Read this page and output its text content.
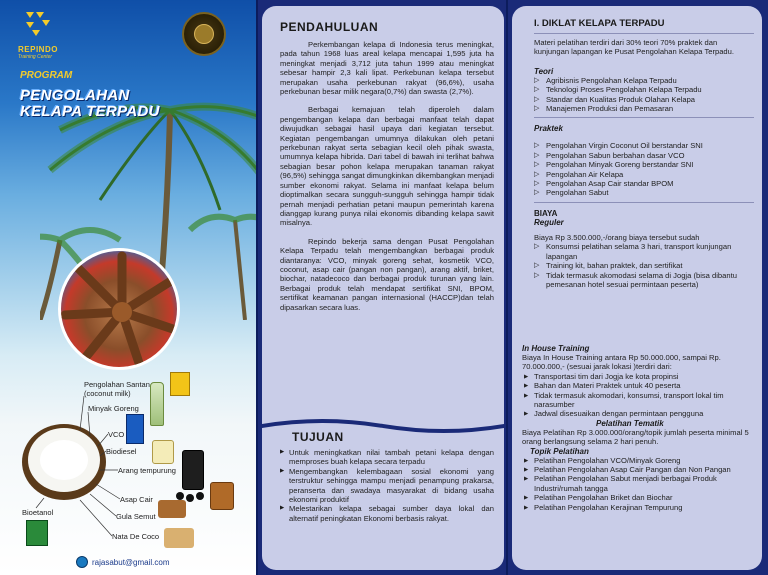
REPINDO
Training Center
PROGRAM
PENGOLAHAN
KELAPA TERPADU
Pengolahan Santan
(coconut milk)
Minyak Goreng
VCO
Biodiesel
Arang tempurung
Asap Cair
Gula Semut
Nata De Coco
Bioetanol
rajasabut@gmail.com
PENDAHULUAN

Perkembangan kelapa di Indonesia terus meningkat, pada tahun 1968 luas areal kelapa mencapai 1,595 juta ha meningkat menjadi 3,712 juta tahun 1999 atau meningkat sebesar hampir 2,3 kali lipat. Perkebunan kelapa tersebut merupakan usaha perkebunan rakyat (96,6%), usaha perkebunan besar milik negara(0,7%) dan swasta (2,7%).

Berbagai kemajuan telah diperoleh dalam pengembangan kelapa dan berbagai manfaat telah dapat diwujudkan sebagai hasil upaya dari kegiatan tersebut. Kegiatan pengembangan umumnya dilakukan oleh petani perkebunan rakyat serta sebagian kecil oleh pihak swasta, umumnya kelapa hibrida. Dari tabel di bawah ini terlihat bahwa sebagian besar pohon kelapa merupakan tanaman rakyat (96,5%) sehingga sangat dimungkinkan dikembangkan menjadi sumber ekonomi rakyat. Selama ini manfaat kelapa belum dioptimalkan secara sungguh-sungguh sehingga hampir tidak pernah menjadi perhatian petani maupun pemerintah karena dianggap kurang punya nilai ekonomis dibanding kelapa sawit misalnya.

Repindo bekerja sama dengan Pusat Pengolahan Kelapa Terpadu telah mengembangkan berbagai produk diantaranya: VCO, minyak goreng sehat, kosmetik VCO, coconut, asap cair (pangan non pangan), arang aktif, briket, biochar, natadecoco dan berbagai produk turunan yang lain. Berbagai produk telah mendapat sertifikat SNI, BPOM, sertifikat keamanan pangan internasional (HACCP)dan telah dipasarkan secara luas.

TUJUAN
▶ Untuk meningkatkan nilai tambah petani kelapa dengan memproses buah kelapa secara terpadu
▶ Mengembangkan kelembagaan sosial ekonomi yang terstruktur sehingga mampu menjadi penampung prakarsa, peranserta dan swadaya masyarakat di bidang usaha ekonomi produktif
▶ Melestarikan kelapa sebagai sumber daya lokal dan alternatif peningkatan Ekonomi berbasis rakyat.
I. DIKLAT KELAPA TERPADU
Materi pelatihan terdiri dari 30% teori 70% praktek dan kunjungan lapangan ke Pusat Pengolahan Kelapa Terpadu.
Teori
▷ Agribisnis Pengolahan Kelapa Terpadu
▷ Teknologi Proses Pengolahan Kelapa Terpadu
▷ Standar dan Kualitas Produk Olahan Kelapa
▷ Manajemen Produksi dan Pemasaran
Praktek
▷ Pengolahan Virgin Coconut Oil berstandar SNI
▷ Pengolahan Sabun berbahan dasar VCO
▷ Pengolahan Minyak Goreng berstandar SNI
▷ Pengolahan Air Kelapa
▷ Pengolahan Asap Cair standar BPOM
▷ Pengolahan Sabut
BIAYA
Reguler
Biaya Rp 3.500.000,-/orang biaya tersebut sudah
▷ Konsumsi pelatihan selama 3 hari, transport kunjungan lapangan
▷ Training kit, bahan praktek, dan sertifikat
▷ Tidak termasuk akomodasi selama di Jogja (bisa dibantu pemesanan hotel sesuai permintaan peserta)
In House Training
Biaya In House Training antara Rp 50.000.000, sampai Rp. 70.000.000,- (sesuai jarak lokasi )terdiri dari:
▶ Transportasi tim dari Jogja ke kota propinsi
▶ Bahan dan Materi Praktek untuk 40 peserta
▶ Tidak termasuk akomodari, konsumsi, transport lokal tim narasumber
▶ Jadwal disesuaikan dengan permintaan pengguna
Pelatihan Tematik
Biaya Pelatihan Rp 3.000.000/orang/topik jumlah peserta minimal 5 orang berlangsung selama 2 hari penuh.
Topik Pelatihan
▶ Pelatihan Pengolahan VCO/Minyak Goreng
▶ Pelatihan Pengolahan Asap Cair Pangan dan Non Pangan
▶ Pelatihan Pengolahan Sabut menjadi berbagai Produk Industri/rumah tangga
▶ Pelatihan Pengolahan Briket dan Biochar
▶ Pelatihan Pengolahan Kerajinan Tempurung
